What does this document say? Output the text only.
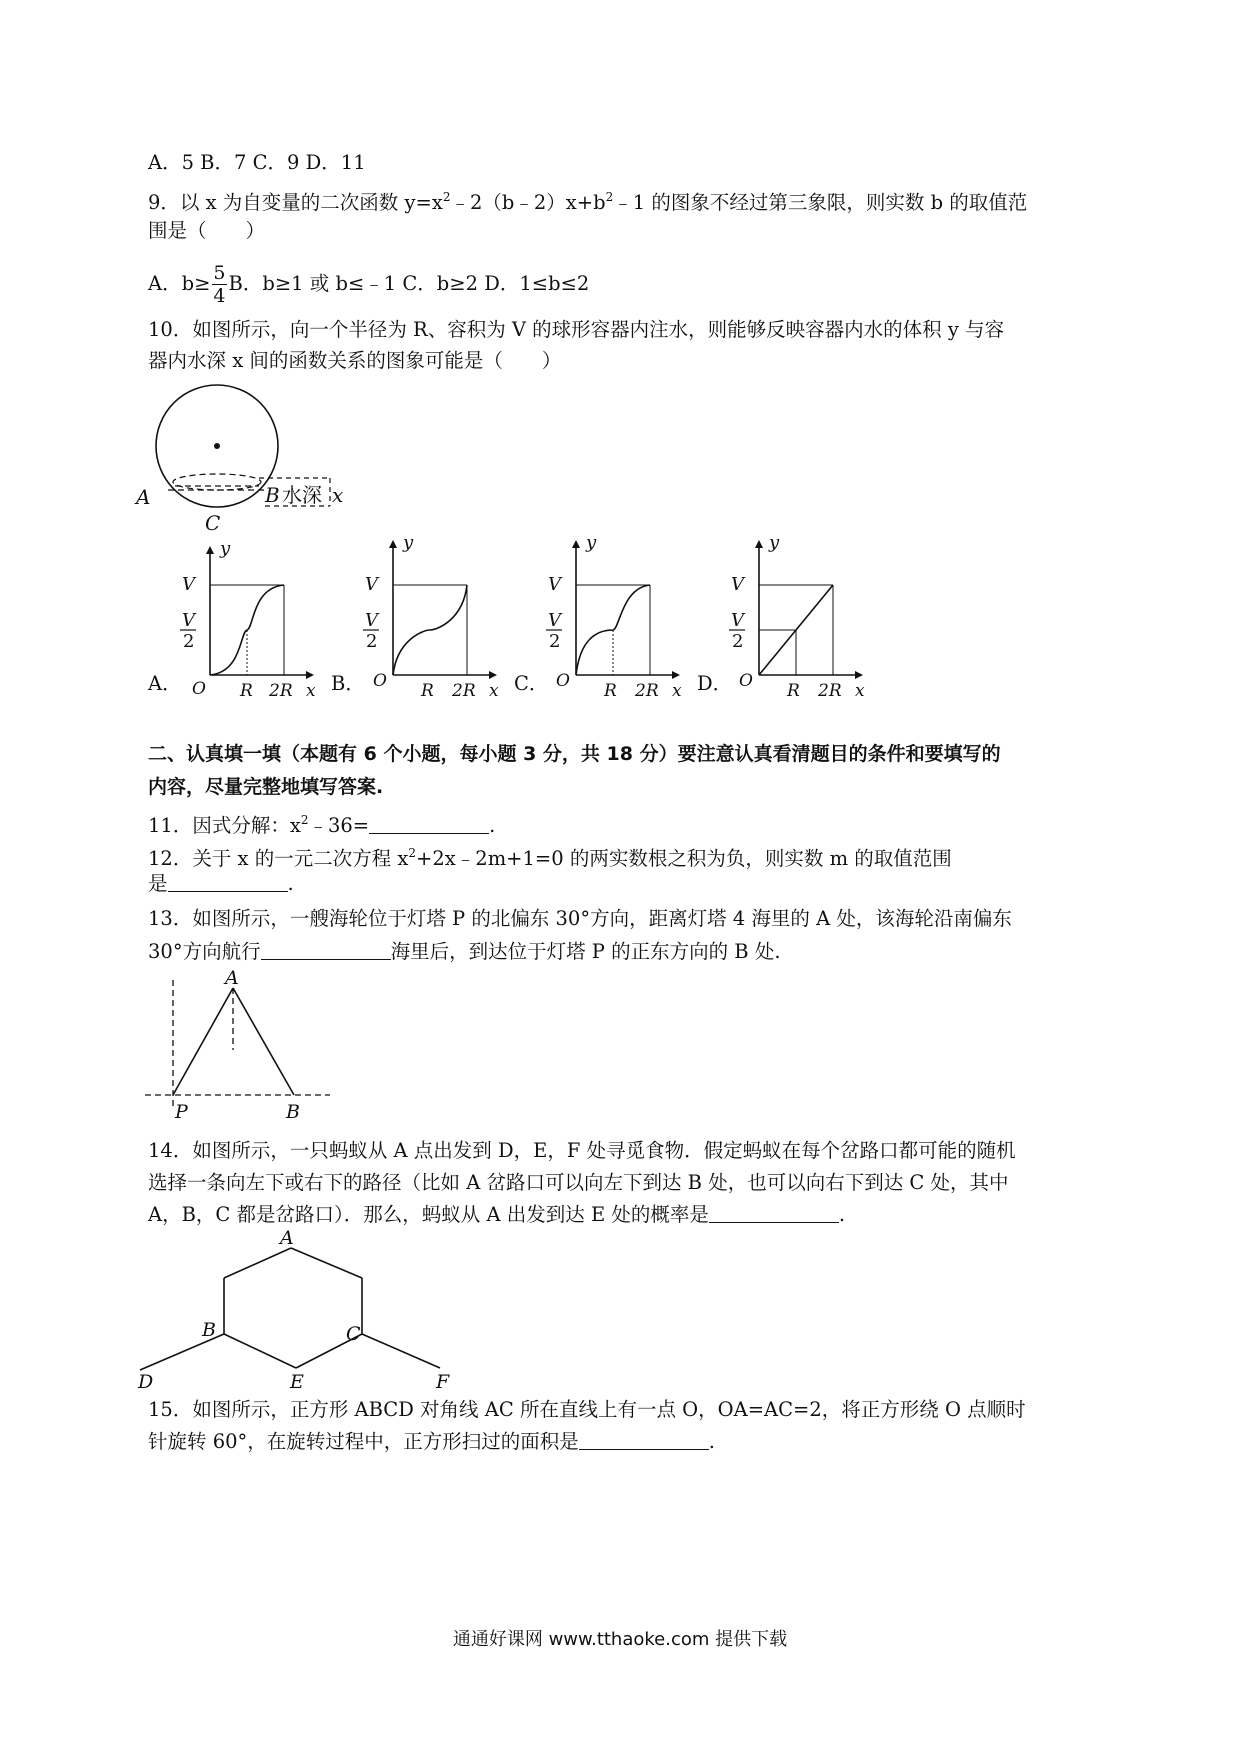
A．5 B．7 C．9 D．11
9．以 x 为自变量的二次函数 $y=x^2﹣2(b﹣2)x+b^2﹣1$ 的图象不经过第三象限，则实数 b 的取值范
围是（　　）
A．$b\ge \frac{5}{4}$ B．b≥1 或 b≤﹣1 C．b≥2 D．1≤b≤2
10．如图所示，向一个半径为 R、容积为 V 的球形容器内注水，则能够反映容器内水的体积 y 与容
器内水深 x 间的函数关系的图象可能是（　　）
A	B 水深 x
C
A．	B．	C．	D．
V
V
2
y
O R 2R x
V
V
2
y
O R 2R x
V
V
2
y
O R 2R x
V
V
2
y
O R 2R x
二、认真填一填（本题有 6 个小题，每小题 3 分，共 18 分）要注意认真看清题目的条件和要填写的
内容，尽量完整地填写答案.
11．因式分解：$x^2﹣36=$	.
12．关于 x 的一元二次方程 $x^2+2x﹣2m+1=0$ 的两实数根之积为负，则实数 m 的取值范围
是	.
13．如图所示，一艘海轮位于灯塔 P 的北偏东 30°方向，距离灯塔 4 海里的 A 处，该海轮沿南偏东
30°方向航行	海里后，到达位于灯塔 P 的正东方向的 B 处.
A
P	B
14．如图所示，一只蚂蚁从 A 点出发到 D，E，F 处寻觅食物．假定蚂蚁在每个岔路口都可能的随机
选择一条向左下或右下的路径（比如 A 岔路口可以向左下到达 B 处，也可以向右下到达 C 处，其中
A，B，C 都是岔路口）．那么，蚂蚁从 A 出发到达 E 处的概率是	.
A
B	C
D	E	F
15．如图所示，正方形 ABCD 对角线 AC 所在直线上有一点 O，OA=AC=2，将正方形绕 O 点顺时
针旋转 60°，在旋转过程中，正方形扫过的面积是	.
通通好课网 www.tthaoke.com 提供下载
